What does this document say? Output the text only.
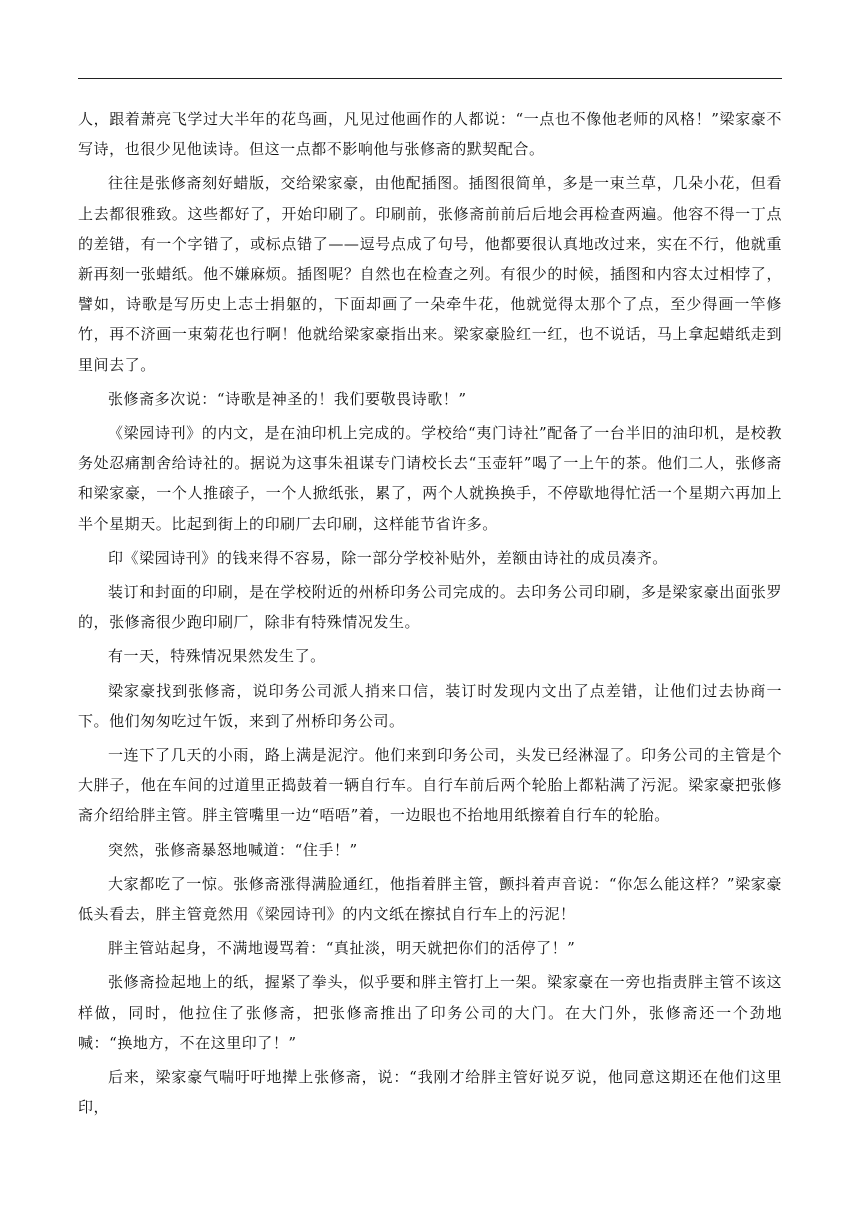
人，跟着萧亮飞学过大半年的花鸟画，凡见过他画作的人都说：“一点也不像他老师的风格！”梁家豪不写诗，也很少见他读诗。但这一点都不影响他与张修斋的默契配合。

往往是张修斋刻好蜡版，交给梁家豪，由他配插图。插图很简单，多是一束兰草，几朵小花，但看上去都很雅致。这些都好了，开始印刷了。印刷前，张修斋前前后后地会再检查两遍。他容不得一丁点的差错，有一个字错了，或标点错了——逗号点成了句号，他都要很认真地改过来，实在不行，他就重新再刻一张蜡纸。他不嫌麻烦。插图呢？自然也在检查之列。有很少的时候，插图和内容太过相悖了，譬如，诗歌是写历史上志士捐躯的，下面却画了一朵牵牛花，他就觉得太那个了点，至少得画一竿修竹，再不济画一束菊花也行啊！他就给梁家豪指出来。梁家豪脸红一红，也不说话，马上拿起蜡纸走到里间去了。

张修斋多次说：“诗歌是神圣的！我们要敬畏诗歌！”

《梁园诗刊》的内文，是在油印机上完成的。学校给“夷门诗社”配备了一台半旧的油印机，是校教务处忍痛割舍给诗社的。据说为这事朱祖谋专门请校长去“玉壶轩”喝了一上午的茶。他们二人，张修斋和梁家豪，一个人推磙子，一个人掀纸张，累了，两个人就换换手，不停歇地得忙活一个星期六再加上半个星期天。比起到街上的印刷厂去印刷，这样能节省许多。

印《梁园诗刊》的钱来得不容易，除一部分学校补贴外，差额由诗社的成员凑齐。

装订和封面的印刷，是在学校附近的州桥印务公司完成的。去印务公司印刷，多是梁家豪出面张罗的，张修斋很少跑印刷厂，除非有特殊情况发生。

有一天，特殊情况果然发生了。

梁家豪找到张修斋，说印务公司派人捎来口信，装订时发现内文出了点差错，让他们过去协商一下。他们匆匆吃过午饭，来到了州桥印务公司。

一连下了几天的小雨，路上满是泥泞。他们来到印务公司，头发已经淋湿了。印务公司的主管是个大胖子，他在车间的过道里正捣鼓着一辆自行车。自行车前后两个轮胎上都粘满了污泥。梁家豪把张修斋介绍给胖主管。胖主管嘴里一边“唔唔”着，一边眼也不抬地用纸擦着自行车的轮胎。

突然，张修斋暴怒地喊道：“住手！”

大家都吃了一惊。张修斋涨得满脸通红，他指着胖主管，颤抖着声音说：“你怎么能这样？”梁家豪低头看去，胖主管竟然用《梁园诗刊》的内文纸在擦拭自行车上的污泥！

胖主管站起身，不满地谩骂着：“真扯淡，明天就把你们的活停了！”

张修斋捡起地上的纸，握紧了拳头，似乎要和胖主管打上一架。梁家豪在一旁也指责胖主管不该这样做，同时，他拉住了张修斋，把张修斋推出了印务公司的大门。在大门外，张修斋还一个劲地喊：“换地方，不在这里印了！”

后来，梁家豪气喘吁吁地撵上张修斋，说：“我刚才给胖主管好说歹说，他同意这期还在他们这里印，
